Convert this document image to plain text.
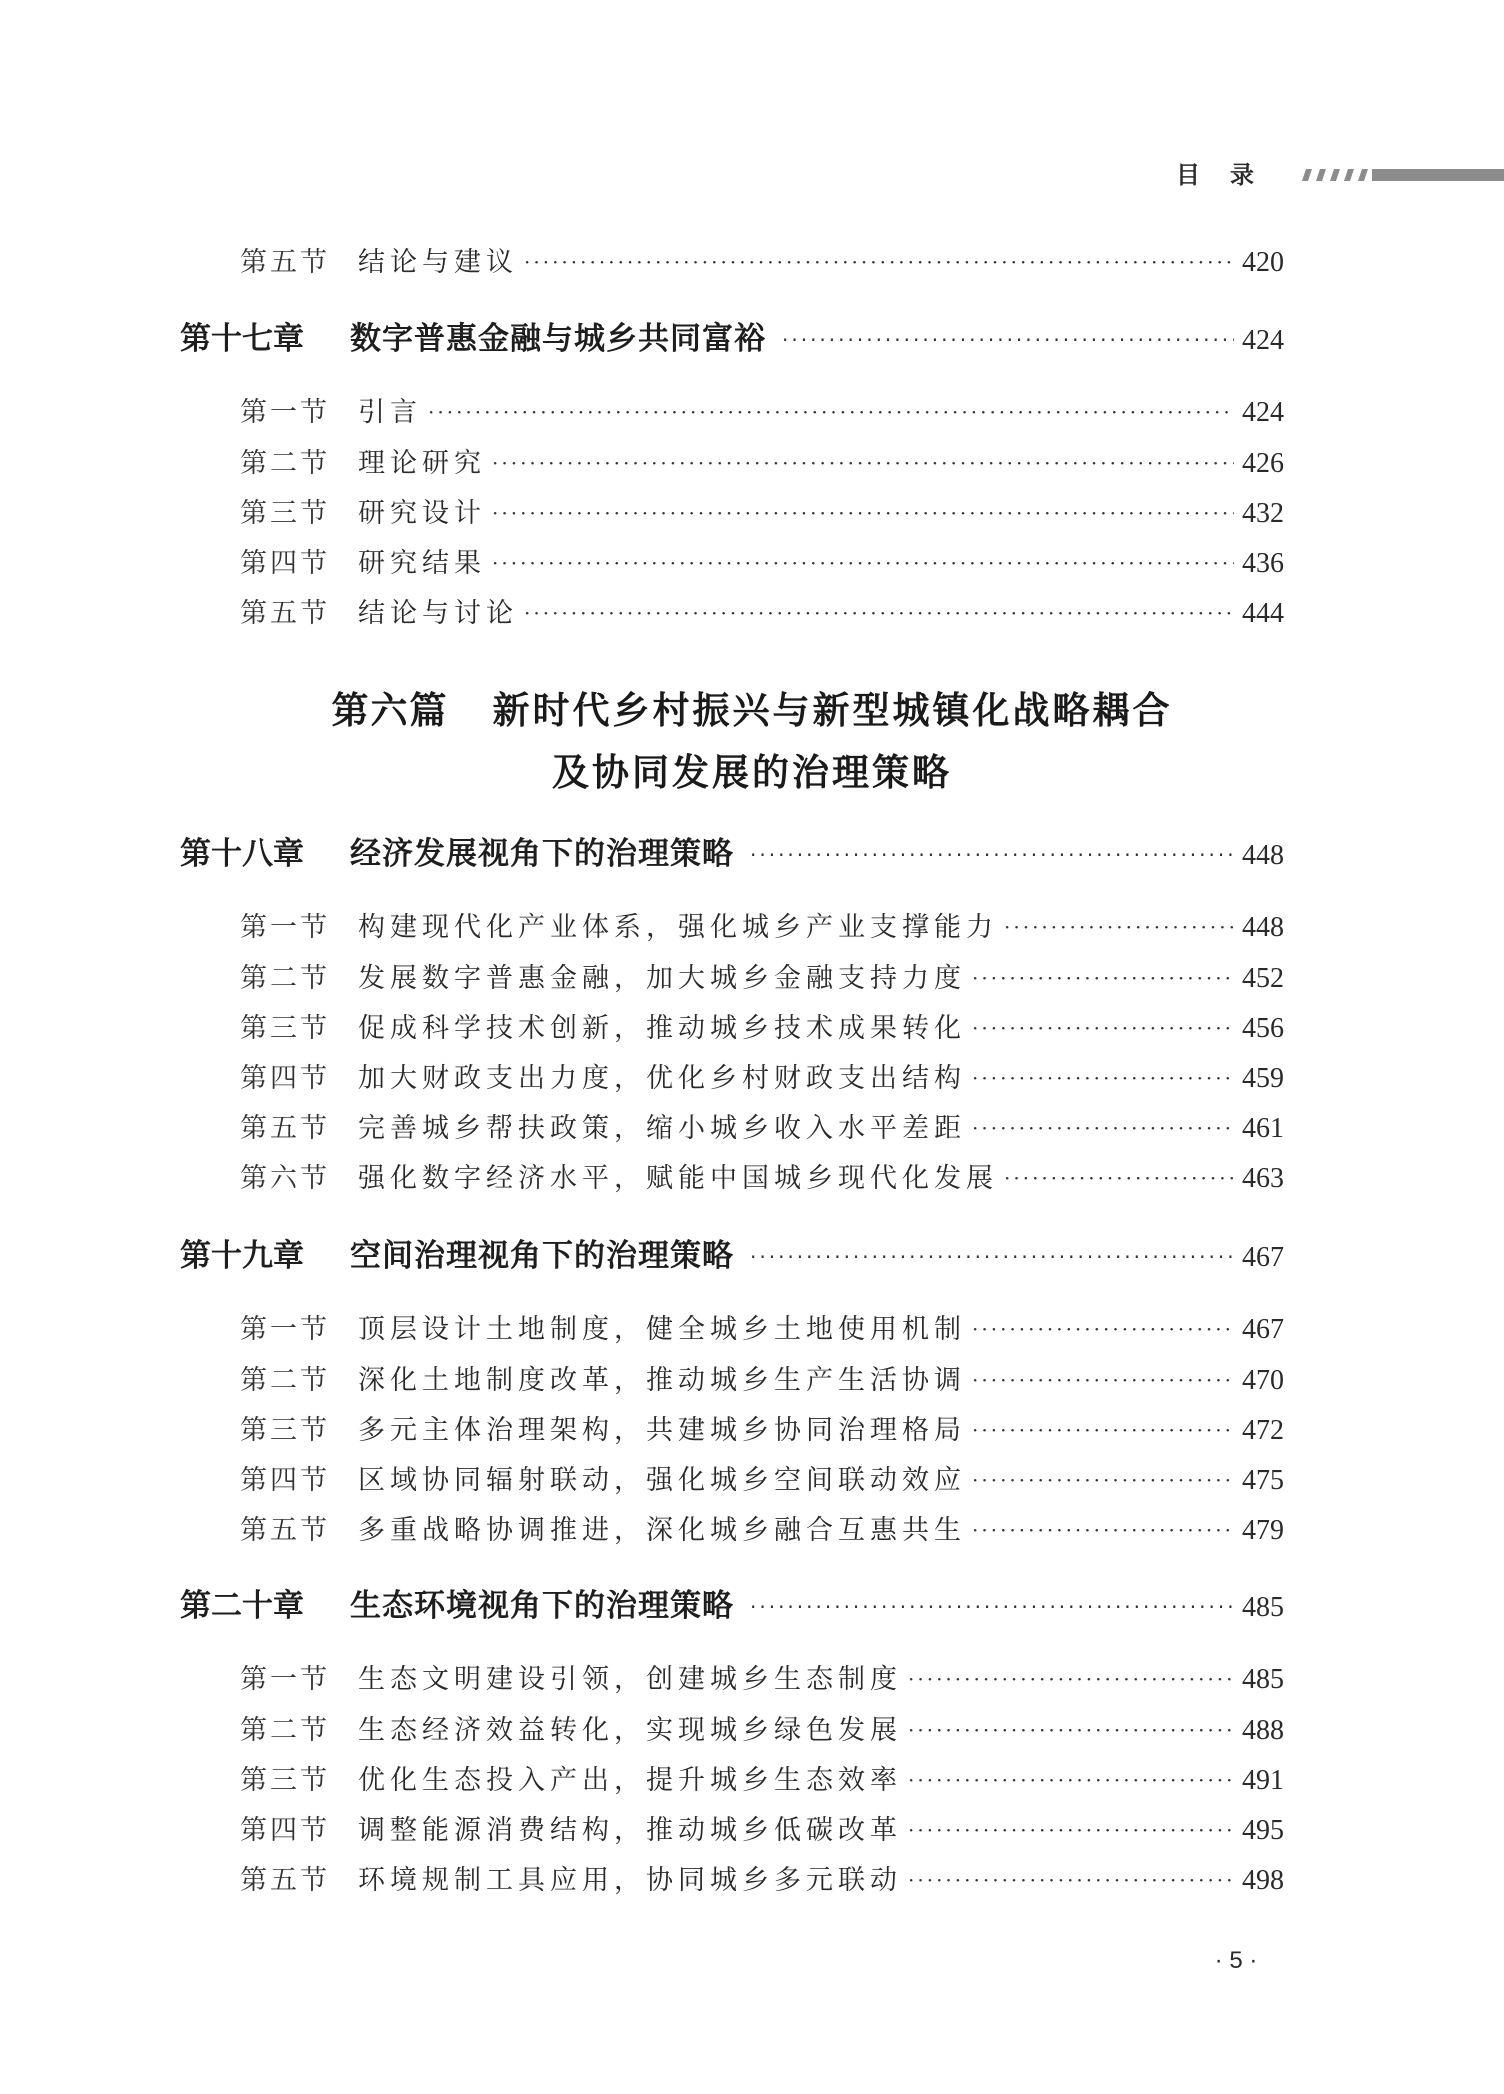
目录
第五节	结论与建议 ·····	420
第十七章	数字普惠金融与城乡共同富裕 ·····	424
第一节	引言 ·····	424
第二节	理论研究 ·····	426
第三节	研究设计 ·····	432
第四节	研究结果 ·····	436
第五节	结论与讨论 ·····	444
第六篇 新时代乡村振兴与新型城镇化战略耦合
及协同发展的治理策略
第十八章	经济发展视角下的治理策略 ·····	448
第一节	构建现代化产业体系，强化城乡产业支撑能力 ·····	448
第二节	发展数字普惠金融，加大城乡金融支持力度 ·····	452
第三节	促成科学技术创新，推动城乡技术成果转化 ·····	456
第四节	加大财政支出力度，优化乡村财政支出结构 ·····	459
第五节	完善城乡帮扶政策，缩小城乡收入水平差距 ·····	461
第六节	强化数字经济水平，赋能中国城乡现代化发展 ·····	463
第十九章	空间治理视角下的治理策略 ·····	467
第一节	顶层设计土地制度，健全城乡土地使用机制 ·····	467
第二节	深化土地制度改革，推动城乡生产生活协调 ·····	470
第三节	多元主体治理架构，共建城乡协同治理格局 ·····	472
第四节	区域协同辐射联动，强化城乡空间联动效应 ·····	475
第五节	多重战略协调推进，深化城乡融合互惠共生 ·····	479
第二十章	生态环境视角下的治理策略 ·····	485
第一节	生态文明建设引领，创建城乡生态制度 ·····	485
第二节	生态经济效益转化，实现城乡绿色发展 ·····	488
第三节	优化生态投入产出，提升城乡生态效率 ·····	491
第四节	调整能源消费结构，推动城乡低碳改革 ·····	495
第五节	环境规制工具应用，协同城乡多元联动 ·····	498
· 5 ·
